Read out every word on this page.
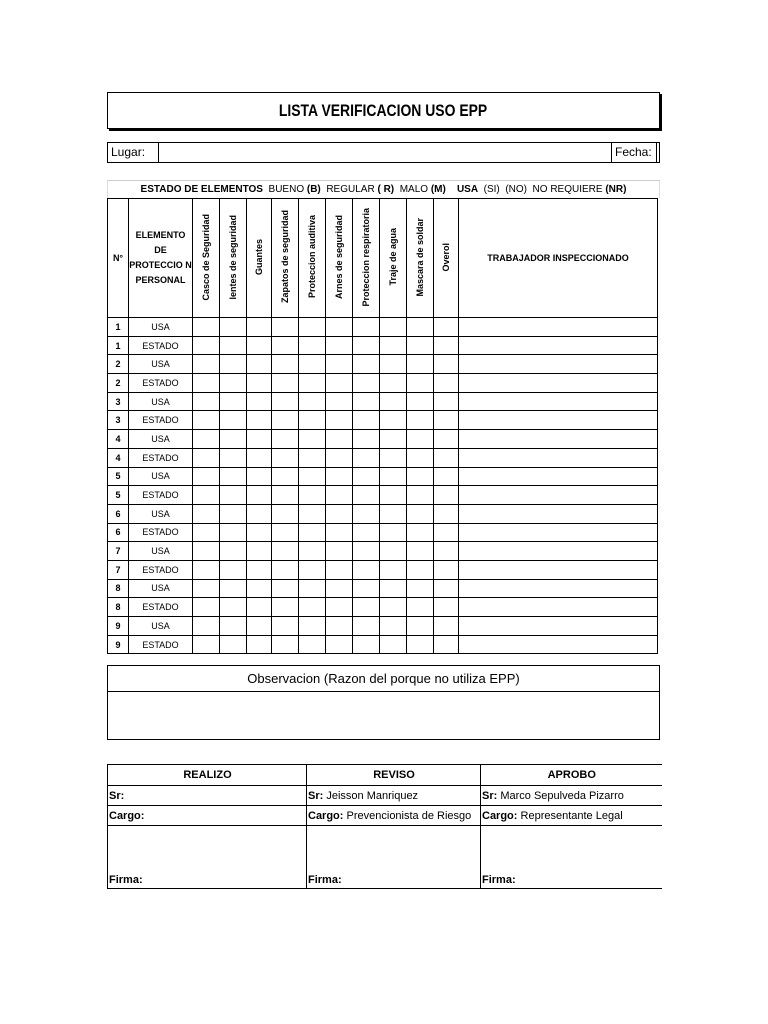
LISTA VERIFICACION USO EPP
Lugar:	Fecha:
ESTADO DE ELEMENTOS BUENO (B) REGULAR ( R) MALO (M) USA (SI) (NO) NO REQUIERE (NR)
N°	ELEMENTO DE PROTECCIO N PERSONAL	Casco de Seguridad	lentes de seguridad	Guantes	Zapatos de seguridad	Proteccion auditiva	Arnes de seguridad	Proteccion respiratoria	Traje de agua	Mascara de soldar	Overol	TRABAJADOR INSPECCIONADO
1	USA											
1	ESTADO											
2	USA											
2	ESTADO											
3	USA											
3	ESTADO											
4	USA											
4	ESTADO											
5	USA											
5	ESTADO											
6	USA											
6	ESTADO											
7	USA											
7	ESTADO											
8	USA											
8	ESTADO											
9	USA											
9	ESTADO											
Observacion (Razon del porque no utiliza EPP)
REALIZO	REVISO	APROBO
Sr:	Sr: Jeisson Manriquez	Sr: Marco Sepulveda Pizarro
Cargo:	Cargo: Prevencionista de Riesgo	Cargo: Representante Legal
Firma:	Firma:	Firma:
